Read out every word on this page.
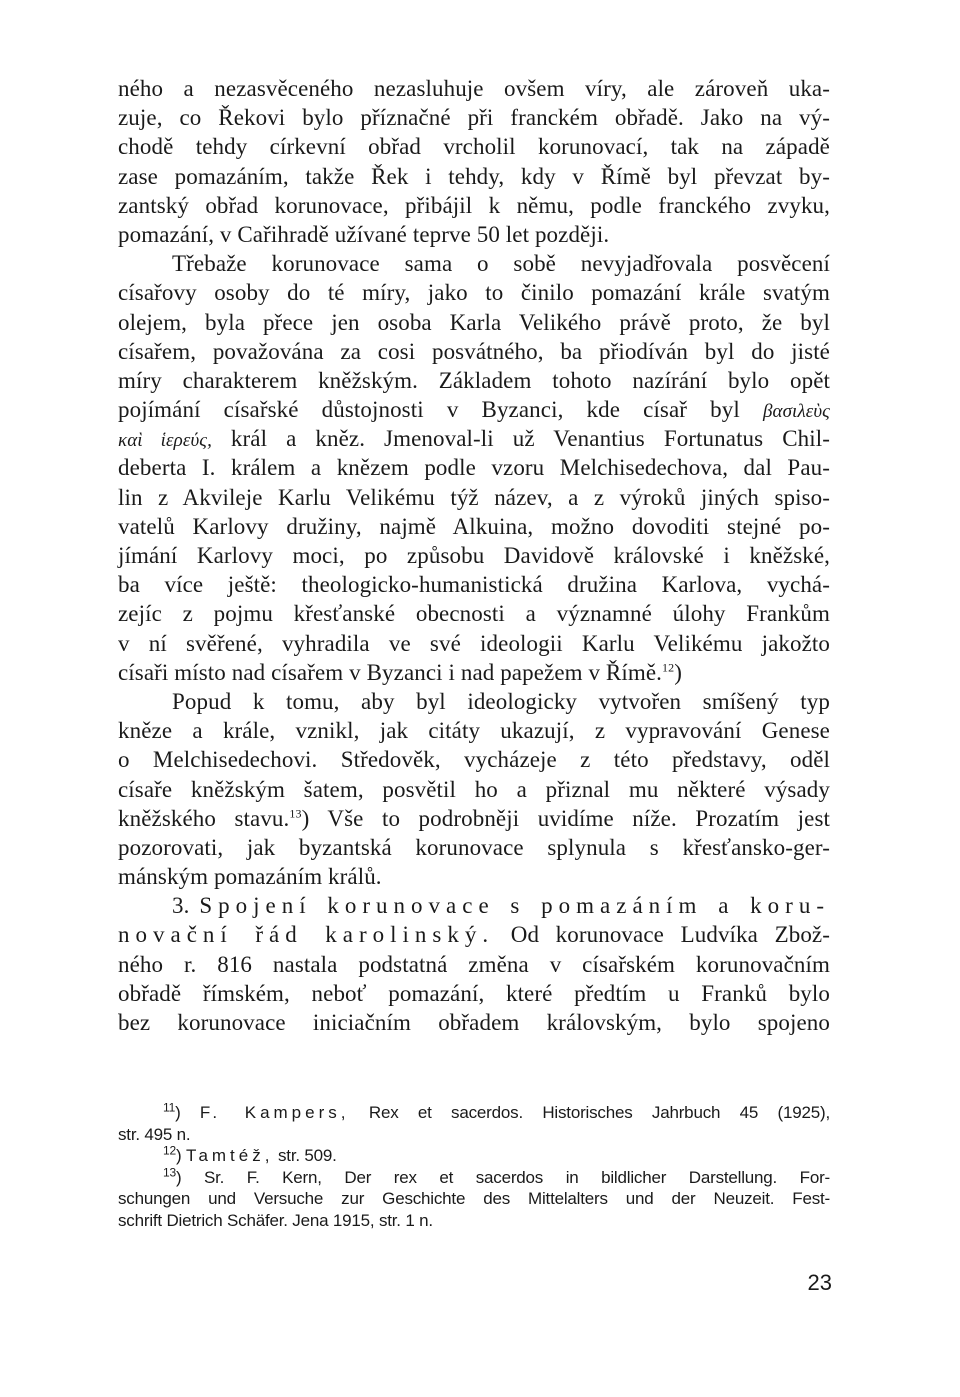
ného a nezasvěceného nezasluhuje ovšem víry, ale zároveň uka-
zuje, co Řekovi bylo příznačné při franckém obřadě. Jako na vý-
chodě tehdy církevní obřad vrcholil korunovací, tak na západě
zase pomazáním, takže Řek i tehdy, kdy v Římě byl převzat by-
zantský obřad korunovace, přibájil k němu, podle franckého zvyku,
pomazání, v Cařihradě užívané teprve 50 let později.
Třebaže korunovace sama o sobě nevyjadřovala posvěcení
císařovy osoby do té míry, jako to činilo pomazání krále svatým
olejem, byla přece jen osoba Karla Velikého právě proto, že byl
císařem, považována za cosi posvátného, ba přiodíván byl do jisté
míry charakterem kněžským. Základem tohoto nazírání bylo opět
pojímání císařské důstojnosti v Byzanci, kde císař byl βασιλεὺς
καὶ ἱερεύς, král a kněz. Jmenoval-li už Venantius Fortunatus Chil-
deberta I. králem a knězem podle vzoru Melchisedechova, dal Pau-
lin z Akvileje Karlu Velikému týž název, a z výroků jiných spiso-
vatelů Karlovy družiny, najmě Alkuina, možno dovoditi stejné po-
jímání Karlovy moci, po způsobu Davidově královské i kněžské,
ba více ještě: theologicko-humanistická družina Karlova, vychá-
zejíc z pojmu křesťanské obecnosti a významné úlohy Frankům
v ní svěřené, vyhradila ve své ideologii Karlu Velikému jakožto
císaři místo nad císařem v Byzanci i nad papežem v Římě.$^{12}$)
Popud k tomu, aby byl ideologicky vytvořen smíšený typ
kněze a krále, vznikl, jak citáty ukazují, z vypravování Genese
o Melchisedechovi. Středověk, vycházeje z této představy, oděl
císaře kněžským šatem, posvětil ho a přiznal mu některé výsady
kněžského stavu.$^{13}$) Vše to podrobněji uvidíme níže. Prozatím jest
pozorovati, jak byzantská korunovace splynula s křesťansko-ger-
mánským pomazáním králů.
3. Spojení korunovace s pomazáním a koru-
novační řád karolinský. Od korunovace Ludvíka Zbož-
ného r. 816 nastala podstatná změna v císařském korunovačním
obřadě římském, neboť pomazání, které předtím u Franků bylo
bez korunovace iniciačním obřadem královským, bylo spojeno
$^{11}$) F. Kampers, Rex et sacerdos. Historisches Jahrbuch 45 (1925),
str. 495 n.
$^{12}$) Tamtéž, str. 509.
$^{13}$) Sr. F. Kern, Der rex et sacerdos in bildlicher Darstellung. For-
schungen und Versuche zur Geschichte des Mittelalters und der Neuzeit. Fest-
schrift Dietrich Schäfer. Jena 1915, str. 1 n.
23
